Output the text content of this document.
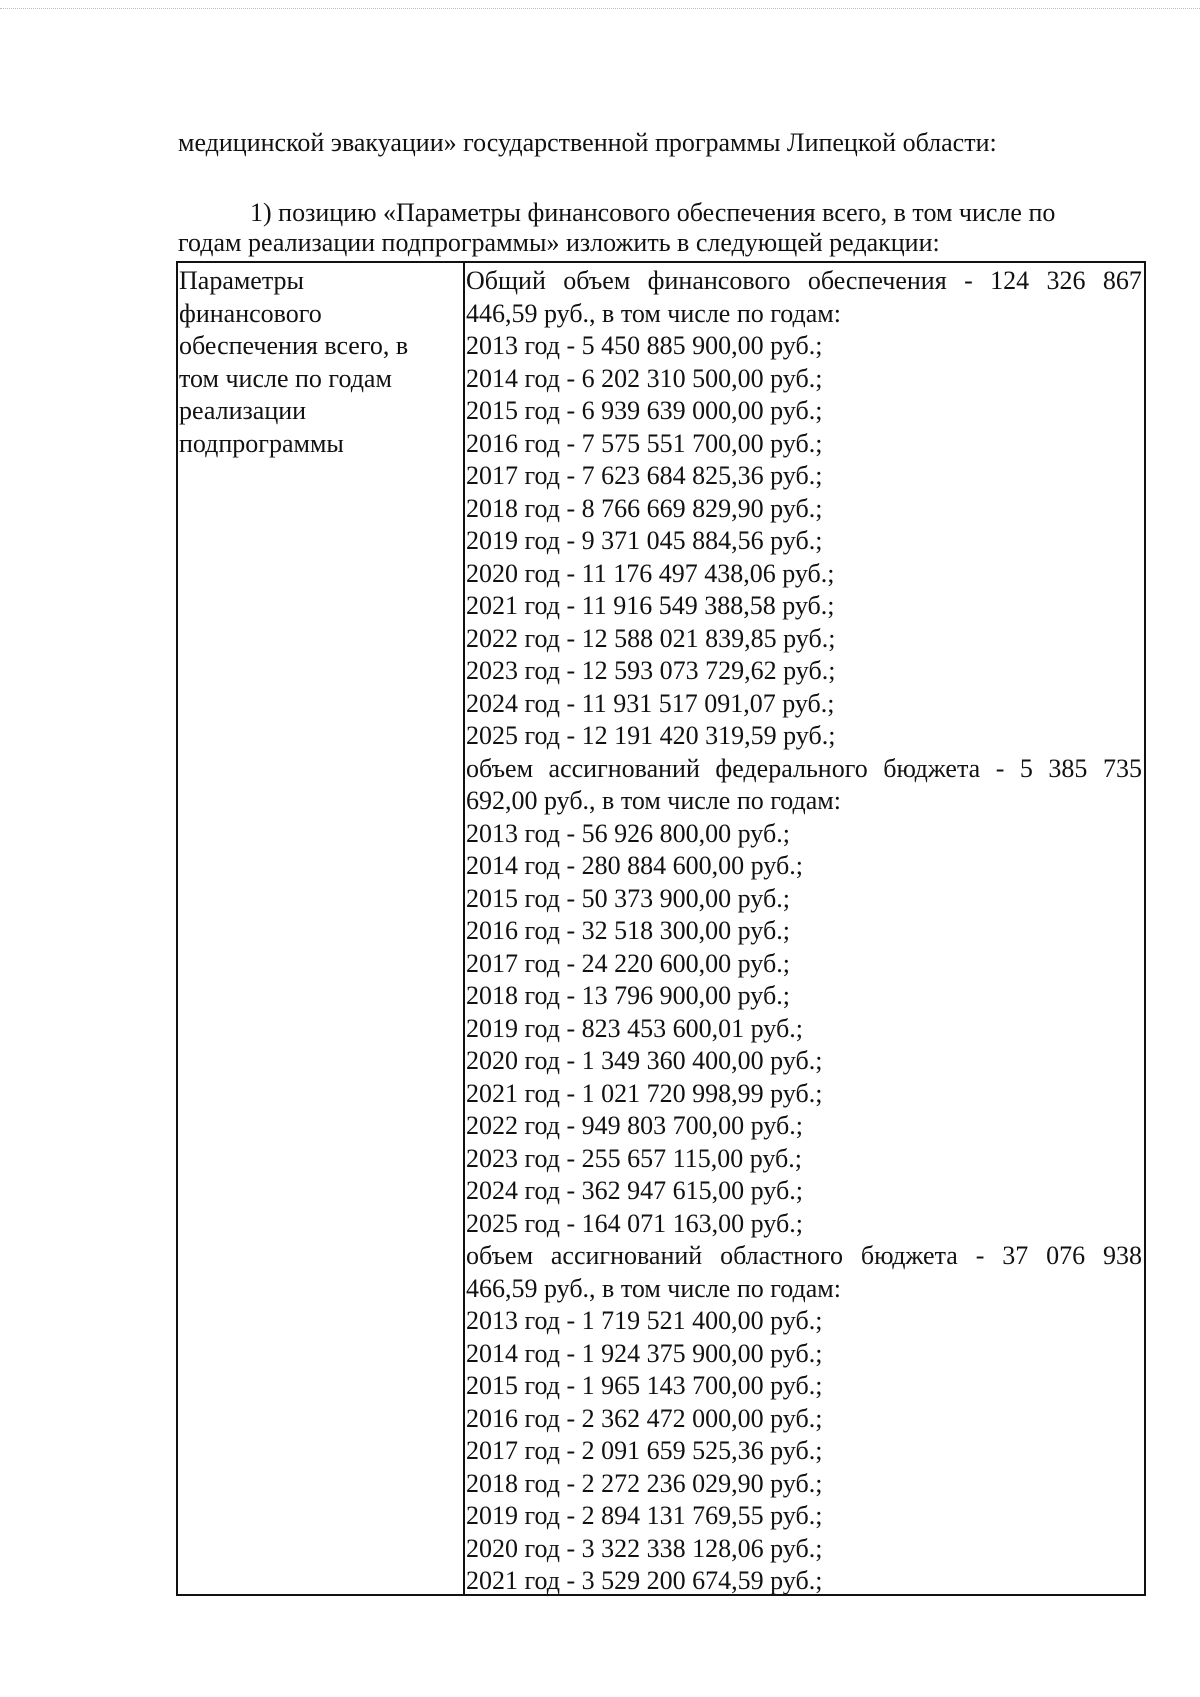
медицинской эвакуации» государственной программы Липецкой области:
1) позицию «Параметры финансового обеспечения всего, в том числе по
годам реализации подпрограммы» изложить в следующей редакции:
Параметры
финансового
обеспечения всего, в
том числе по годам
реализации
подпрограммы
Общий объем финансового обеспечения - 124 326 867
446,59 руб., в том числе по годам:
2013 год - 5 450 885 900,00 руб.;
2014 год - 6 202 310 500,00 руб.;
2015 год - 6 939 639 000,00 руб.;
2016 год - 7 575 551 700,00 руб.;
2017 год - 7 623 684 825,36 руб.;
2018 год - 8 766 669 829,90 руб.;
2019 год - 9 371 045 884,56 руб.;
2020 год - 11 176 497 438,06 руб.;
2021 год - 11 916 549 388,58 руб.;
2022 год - 12 588 021 839,85 руб.;
2023 год - 12 593 073 729,62 руб.;
2024 год - 11 931 517 091,07 руб.;
2025 год - 12 191 420 319,59 руб.;
объем ассигнований федерального бюджета - 5 385 735
692,00 руб., в том числе по годам:
2013 год - 56 926 800,00 руб.;
2014 год - 280 884 600,00 руб.;
2015 год - 50 373 900,00 руб.;
2016 год - 32 518 300,00 руб.;
2017 год - 24 220 600,00 руб.;
2018 год - 13 796 900,00 руб.;
2019 год - 823 453 600,01 руб.;
2020 год - 1 349 360 400,00 руб.;
2021 год - 1 021 720 998,99 руб.;
2022 год - 949 803 700,00 руб.;
2023 год - 255 657 115,00 руб.;
2024 год - 362 947 615,00 руб.;
2025 год - 164 071 163,00 руб.;
объем ассигнований областного бюджета - 37 076 938
466,59 руб., в том числе по годам:
2013 год - 1 719 521 400,00 руб.;
2014 год - 1 924 375 900,00 руб.;
2015 год - 1 965 143 700,00 руб.;
2016 год - 2 362 472 000,00 руб.;
2017 год - 2 091 659 525,36 руб.;
2018 год - 2 272 236 029,90 руб.;
2019 год - 2 894 131 769,55 руб.;
2020 год - 3 322 338 128,06 руб.;
2021 год - 3 529 200 674,59 руб.;
